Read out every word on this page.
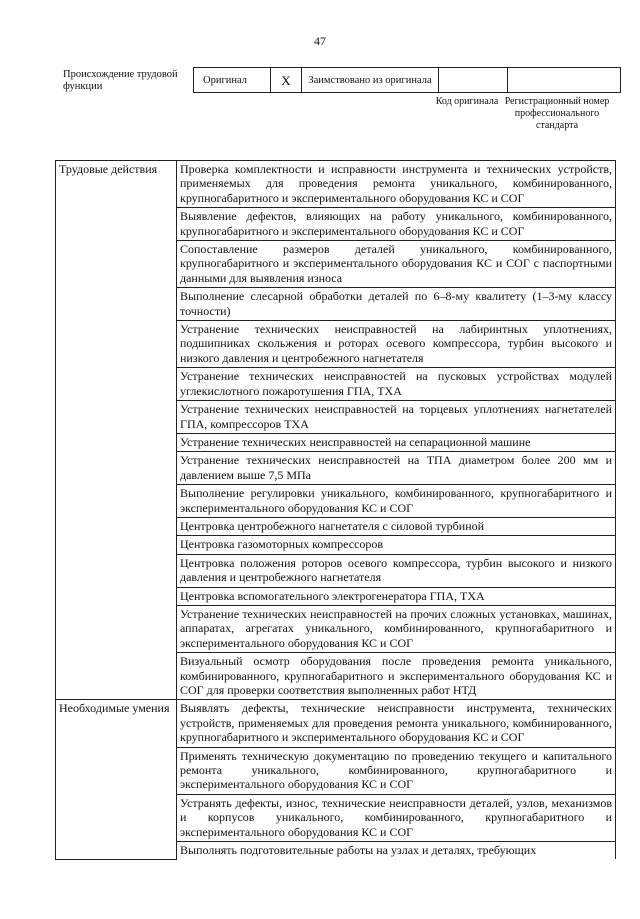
47
Происхождение трудовой функции
Оригинал	X	Заимствовано из оригинала		
Код оригинала Регистрационный номер профессионального стандарта
Трудовые действия	Проверка комплектности и исправности инструмента и технических устройств, применяемых для проведения ремонта уникального, комбинированного, крупногабаритного и экспериментального оборудования КС и СОГ
	Выявление дефектов, влияющих на работу уникального, комбинированного, крупногабаритного и экспериментального оборудования КС и СОГ
	Сопоставление размеров деталей уникального, комбинированного, крупногабаритного и экспериментального оборудования КС и СОГ с паспортными данными для выявления износа
	Выполнение слесарной обработки деталей по 6–8-му квалитету (1–3-му классу точности)
	Устранение технических неисправностей на лабиринтных уплотнениях, подшипниках скольжения и роторах осевого компрессора, турбин высокого и низкого давления и центробежного нагнетателя
	Устранение технических неисправностей на пусковых устройствах модулей углекислотного пожаротушения ГПА, ТХА
	Устранение технических неисправностей на торцевых уплотнениях нагнетателей ГПА, компрессоров ТХА
	Устранение технических неисправностей на сепарационной машине
	Устранение технических неисправностей на ТПА диаметром более 200 мм и давлением выше 7,5 МПа
	Выполнение регулировки уникального, комбинированного, крупногабаритного и экспериментального оборудования КС и СОГ
	Центровка центробежного нагнетателя с силовой турбиной
	Центровка газомоторных компрессоров
	Центровка положения роторов осевого компрессора, турбин высокого и низкого давления и центробежного нагнетателя
	Центровка вспомогательного электрогенератора ГПА, ТХА
	Устранение технических неисправностей на прочих сложных установках, машинах, аппаратах, агрегатах уникального, комбинированного, крупногабаритного и экспериментального оборудования КС и СОГ
	Визуальный осмотр оборудования после проведения ремонта уникального, комбинированного, крупногабаритного и экспериментального оборудования КС и СОГ для проверки соответствия выполненных работ НТД
Необходимые умения	Выявлять дефекты, технические неисправности инструмента, технических устройств, применяемых для проведения ремонта уникального, комбинированного, крупногабаритного и экспериментального оборудования КС и СОГ
	Применять техническую документацию по проведению текущего и капитального ремонта уникального, комбинированного, крупногабаритного и экспериментального оборудования КС и СОГ
	Устранять дефекты, износ, технические неисправности деталей, узлов, механизмов и корпусов уникального, комбинированного, крупногабаритного и экспериментального оборудования КС и СОГ
	Выполнять подготовительные работы на узлах и деталях, требующих
